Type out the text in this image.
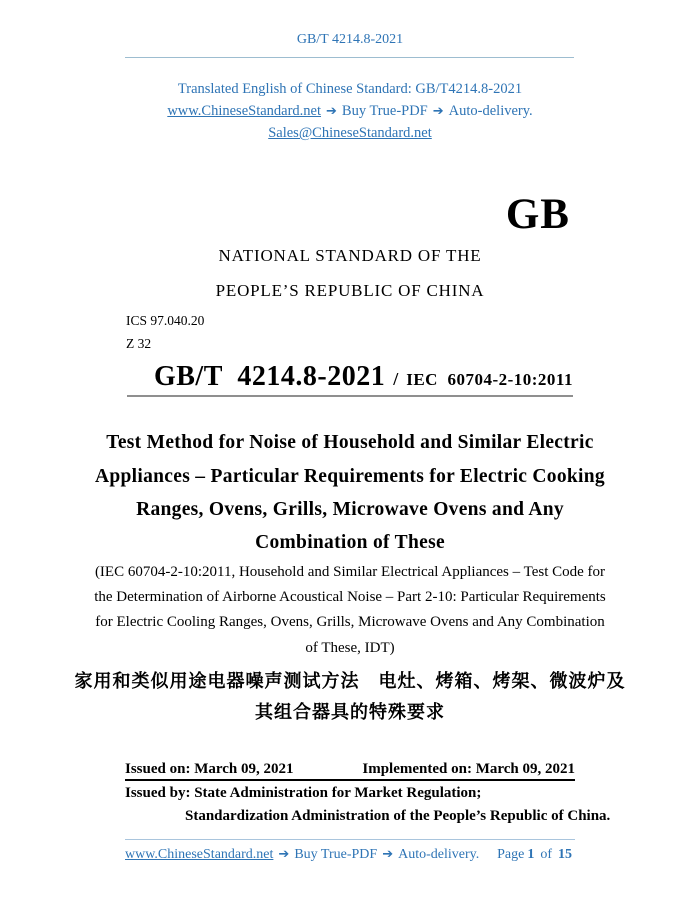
GB/T 4214.8-2021
Translated English of Chinese Standard: GB/T4214.8-2021
www.ChineseStandard.net ➔ Buy True-PDF ➔ Auto-delivery.
Sales@ChineseStandard.net
GB
NATIONAL STANDARD OF THE
PEOPLE’S REPUBLIC OF CHINA
ICS 97.040.20
Z 32
GB/T  4214.8-2021 / IEC  60704-2-10:2011
Test Method for Noise of Household and Similar Electric
Appliances – Particular Requirements for Electric Cooking
Ranges, Ovens, Grills, Microwave Ovens and Any
Combination of These
(IEC 60704-2-10:2011, Household and Similar Electrical Appliances – Test Code for
the Determination of Airborne Acoustical Noise – Part 2-10: Particular Requirements
for Electric Cooling Ranges, Ovens, Grills, Microwave Ovens and Any Combination
of These, IDT)
家用和类似用途电器噪声测试方法　电灶、烤箱、烤架、微波炉及
其组合器具的特殊要求
Issued on: March 09, 2021	Implemented on: March 09, 2021
Issued by: State Administration for Market Regulation;
Standardization Administration of the People’s Republic of China.
www.ChineseStandard.net ➔ Buy True-PDF ➔ Auto-delivery. Page 1 of 15
